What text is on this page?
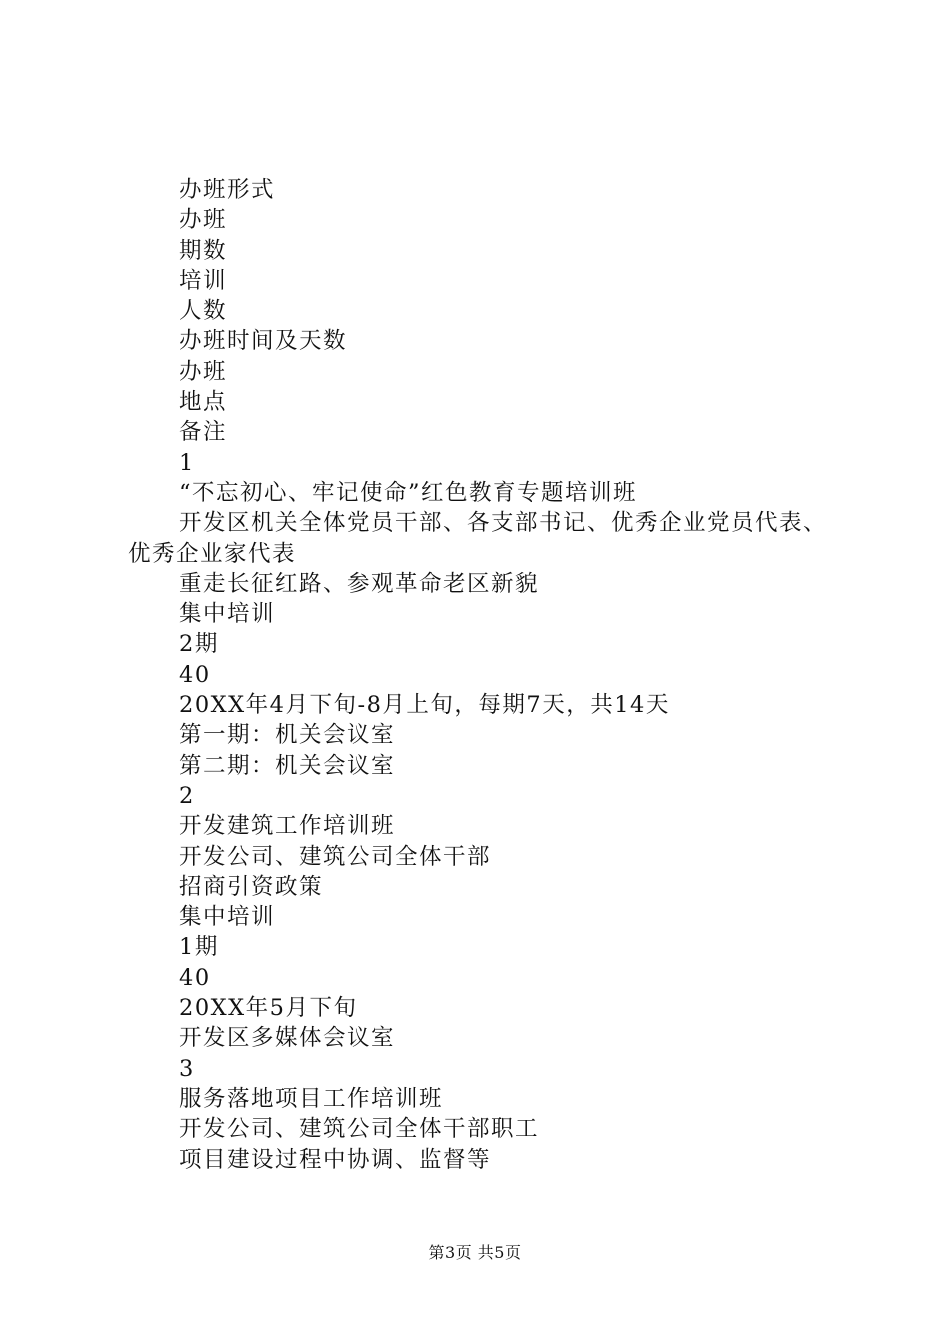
办班形式

办班

期数

培训

人数

办班时间及天数

办班

地点

备注

1

“不忘初心、牢记使命”红色教育专题培训班

开发区机关全体党员干部、各支部书记、优秀企业党员代表、优秀企业家代表

重走长征红路、参观革命老区新貌

集中培训

2期

40

20XX年4月下旬-8月上旬，每期7天，共14天

第一期：机关会议室

第二期：机关会议室

2

开发建筑工作培训班

开发公司、建筑公司全体干部

招商引资政策

集中培训

1期

40

20XX年5月下旬

开发区多媒体会议室

3

服务落地项目工作培训班

开发公司、建筑公司全体干部职工

项目建设过程中协调、监督等

第3页 共5页
